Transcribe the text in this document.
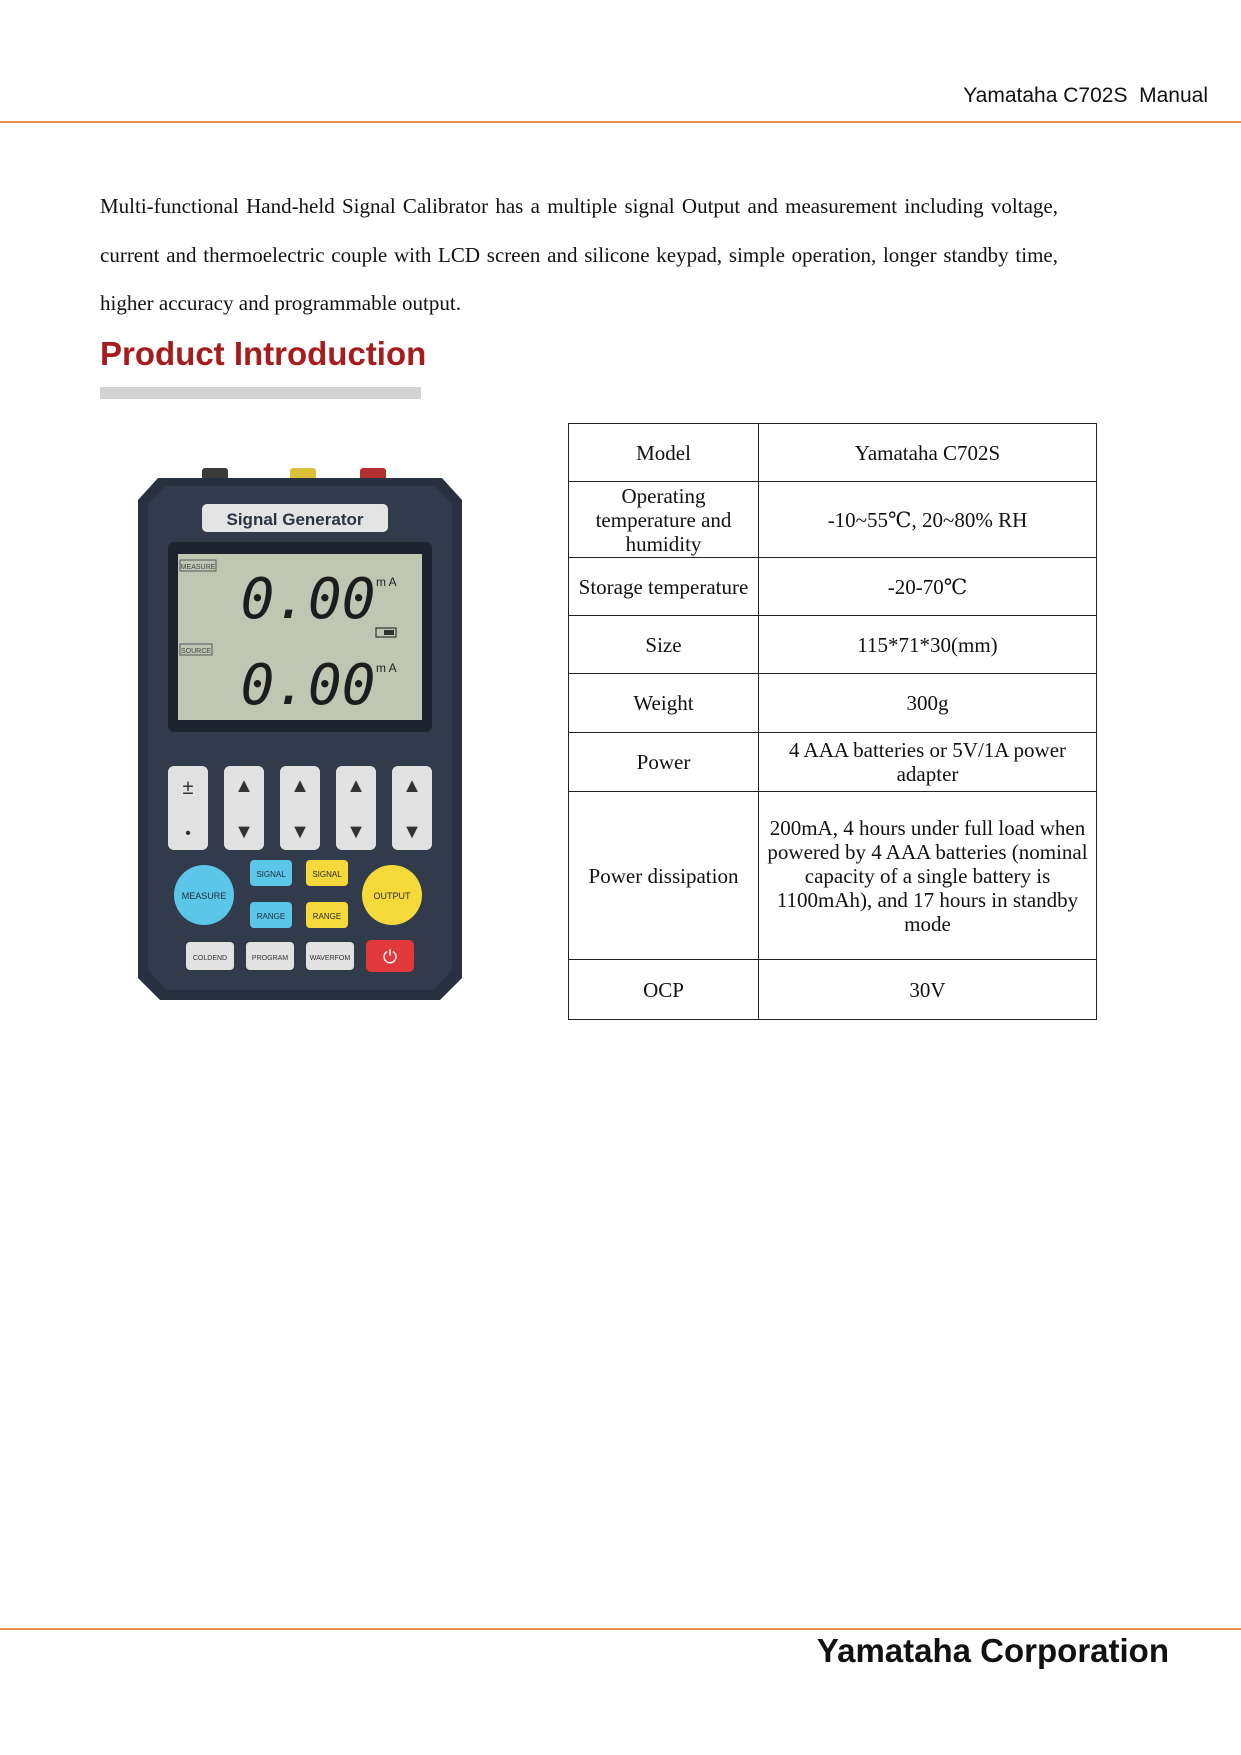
Yamataha C702S  Manual
Multi-functional Hand-held Signal Calibrator has a multiple signal Output and measurement including voltage, current and thermoelectric couple with LCD screen and silicone keypad, simple operation, longer standby time, higher accuracy and programmable output.
Product Introduction
Signal Generator
MEASURE 0.00 m A
SOURCE
0.00 m A
±
•
▲
▼
▲
▼
▲
▼
▲
▼
MEASURE	OUTPUT
SIGNAL	SIGNAL
RANGE	RANGE
COLDEND	PROGRAM	WAVERFOM ⏻
Model	Yamataha C702S
Operating temperature and humidity	-10~55℃, 20~80% RH
Storage temperature	-20-70℃
Size	115*71*30(mm)
Weight	300g
Power	4 AAA batteries or 5V/1A power adapter
Power dissipation	200mA, 4 hours under full load when powered by 4 AAA batteries (nominal capacity of a single battery is 1100mAh), and 17 hours in standby mode
OCP	30V
Yamataha Corporation
